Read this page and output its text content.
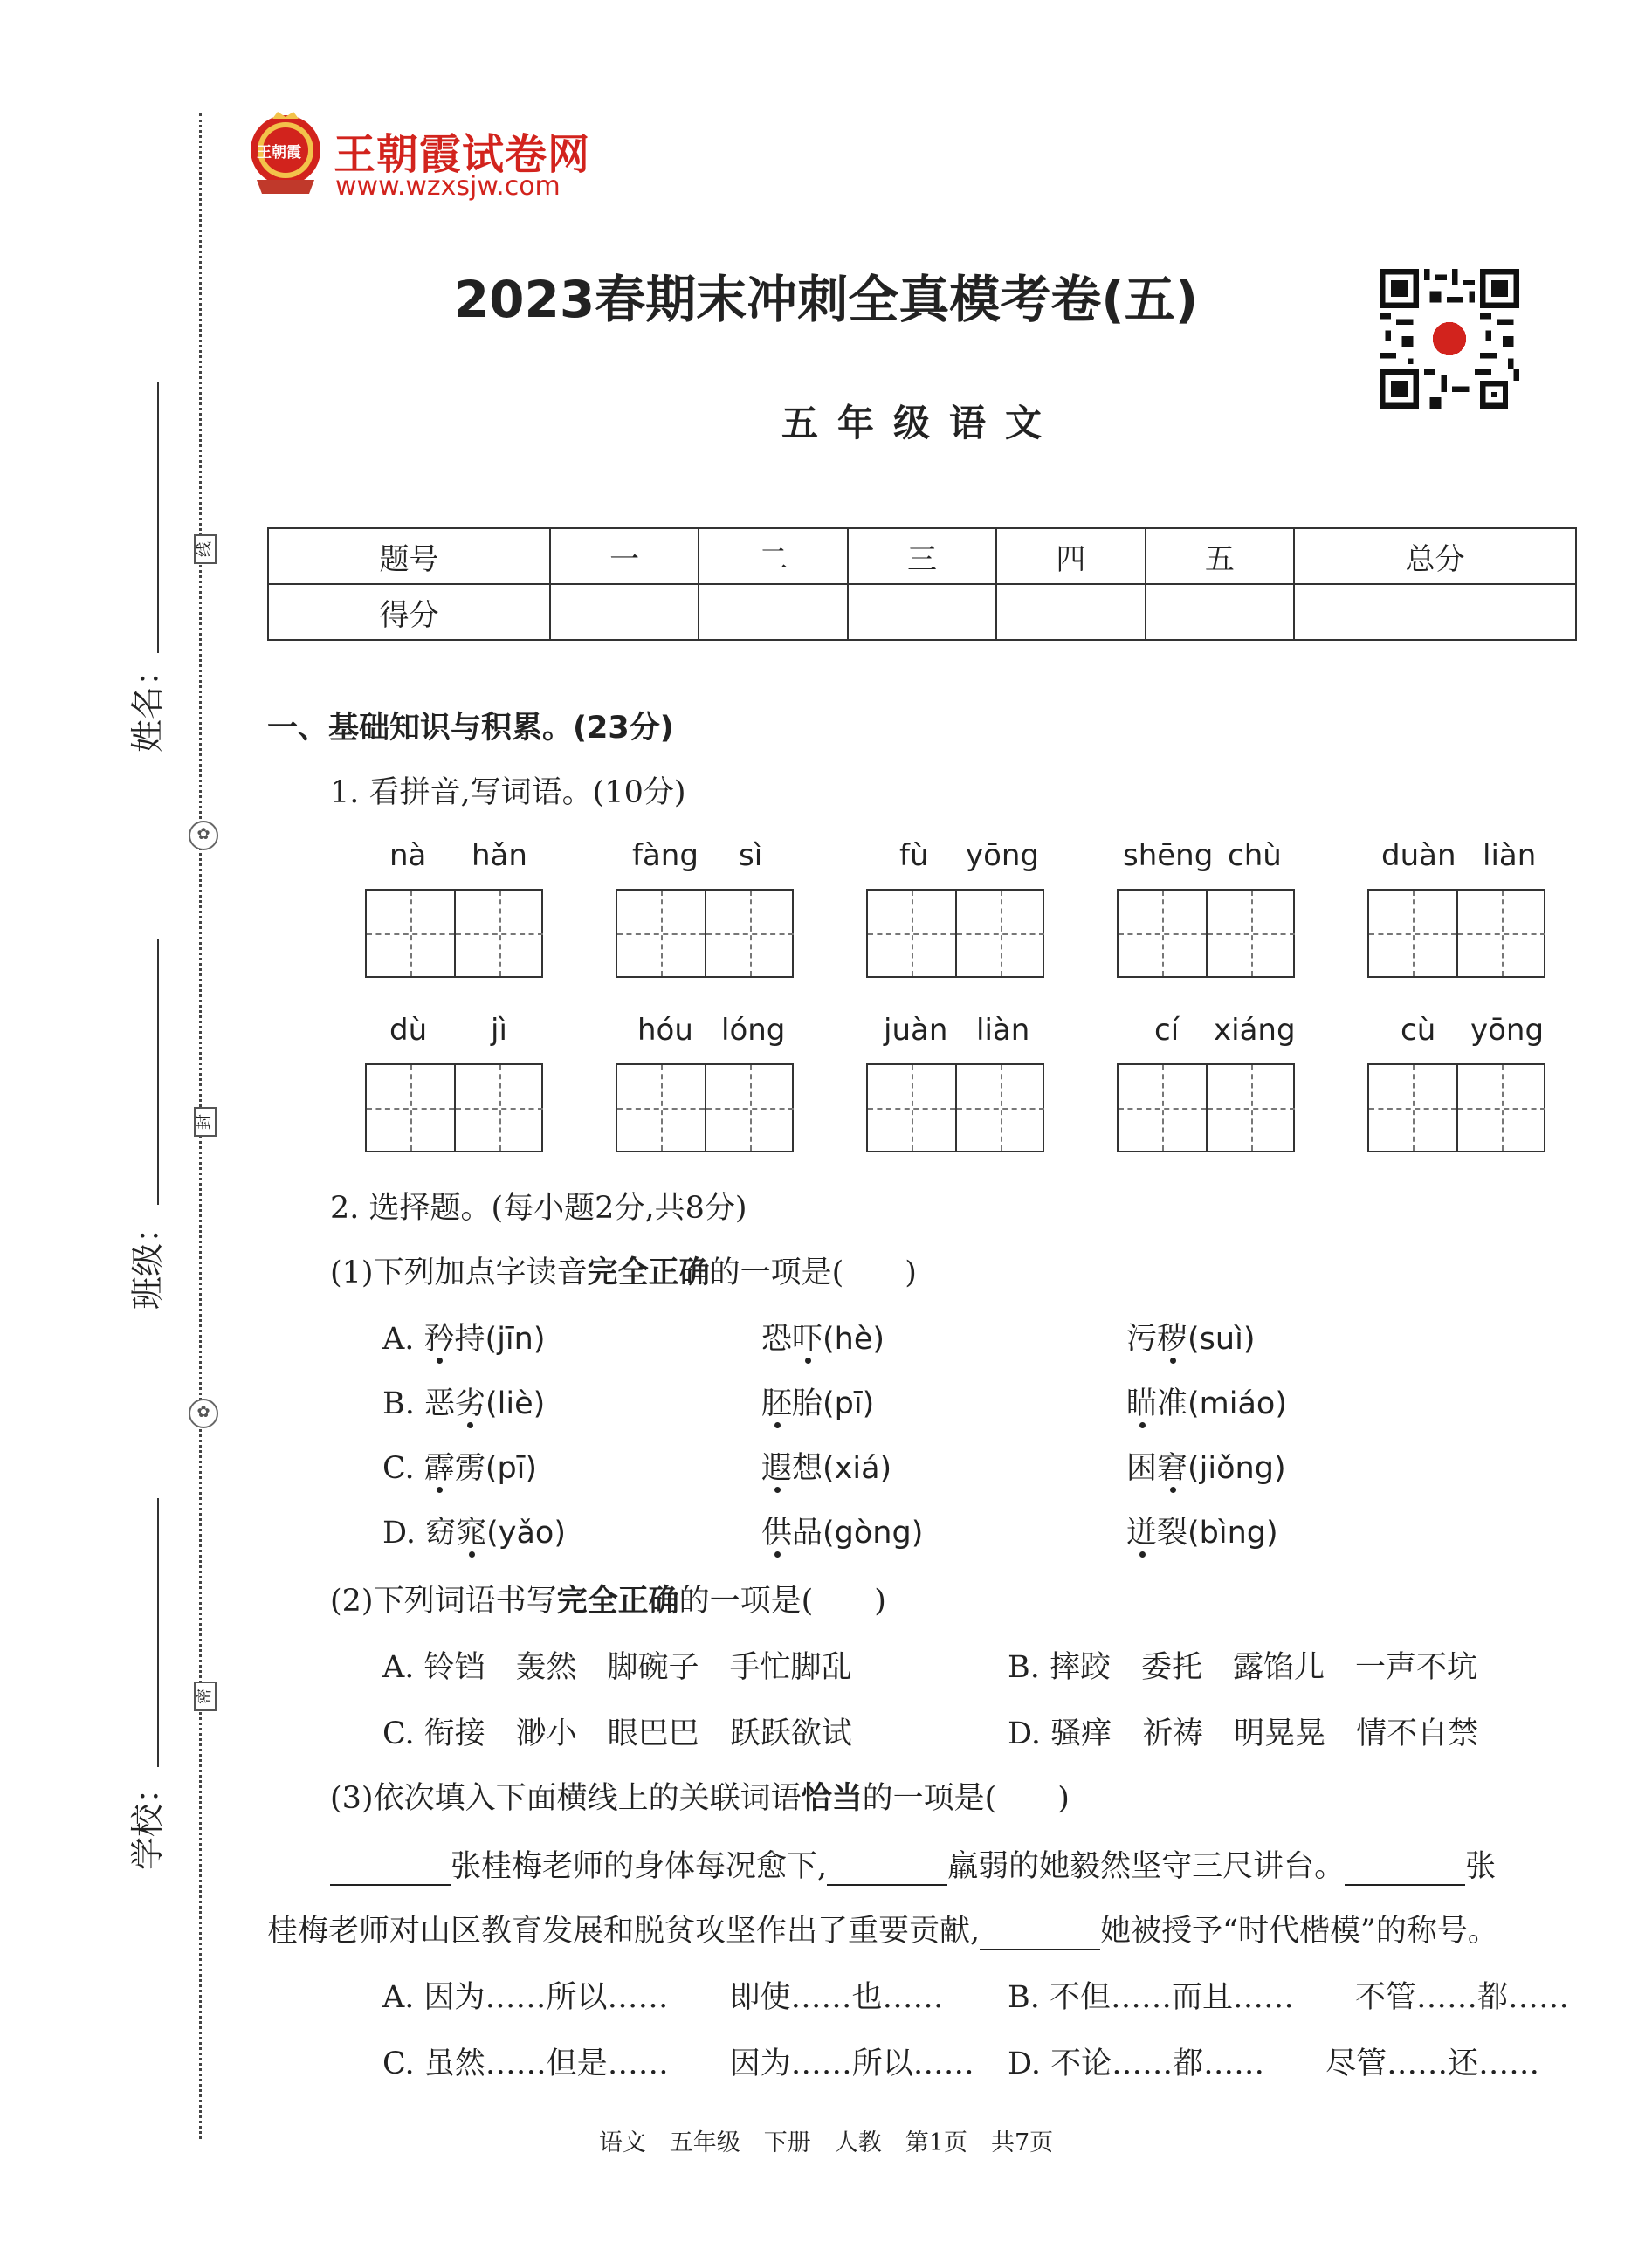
线
封
密
✿
✿
姓名：
班级：
学校：
王朝霞 王朝霞试卷网
www.wzxsjw.com
2023春期末冲刺全真模考卷(五)
五年级语文
题号	一	二	三	四	五	总分
得分						
一、基础知识与积累。(23分)
1. 看拼音,写词语。(10分)
nà hǎn	fàng sì	fù yōng	shēng chù	duàn liàn
dù jì	hóu lóng	juàn liàn	cí xiáng	cù yōng
2. 选择题。(每小题2分,共8分)
(1)下列加点字读音完全正确的一项是(　　)
A. 矜持(jīn)	恐吓(hè)	污秽(suì)
B. 恶劣(liè)	胚胎(pī)	瞄准(miáo)
C. 霹雳(pī)	遐想(xiá)	困窘(jiǒng)
D. 窈窕(yǎo)	供品(gòng)	迸裂(bìng)
(2)下列词语书写完全正确的一项是(　　)
A. 铃铛　轰然　脚碗子　手忙脚乱	B. 摔跤　委托　露馅儿　一声不坑
C. 衔接　渺小　眼巴巴　跃跃欲试	D. 骚痒　祈祷　明晃晃　情不自禁
(3)依次填入下面横线上的关联词语恰当的一项是(　　)
张桂梅老师的身体每况愈下,	羸弱的她毅然坚守三尺讲台。	张
桂梅老师对山区教育发展和脱贫攻坚作出了重要贡献,	她被授予“时代楷模”的称号。
A. 因为……所以……　　即使……也…… B. 不但……而且……　　不管……都……
C. 虽然……但是……　　因为……所以…… D. 不论……都……　　尽管……还……
语文　五年级　下册　人教　第1页　共7页
